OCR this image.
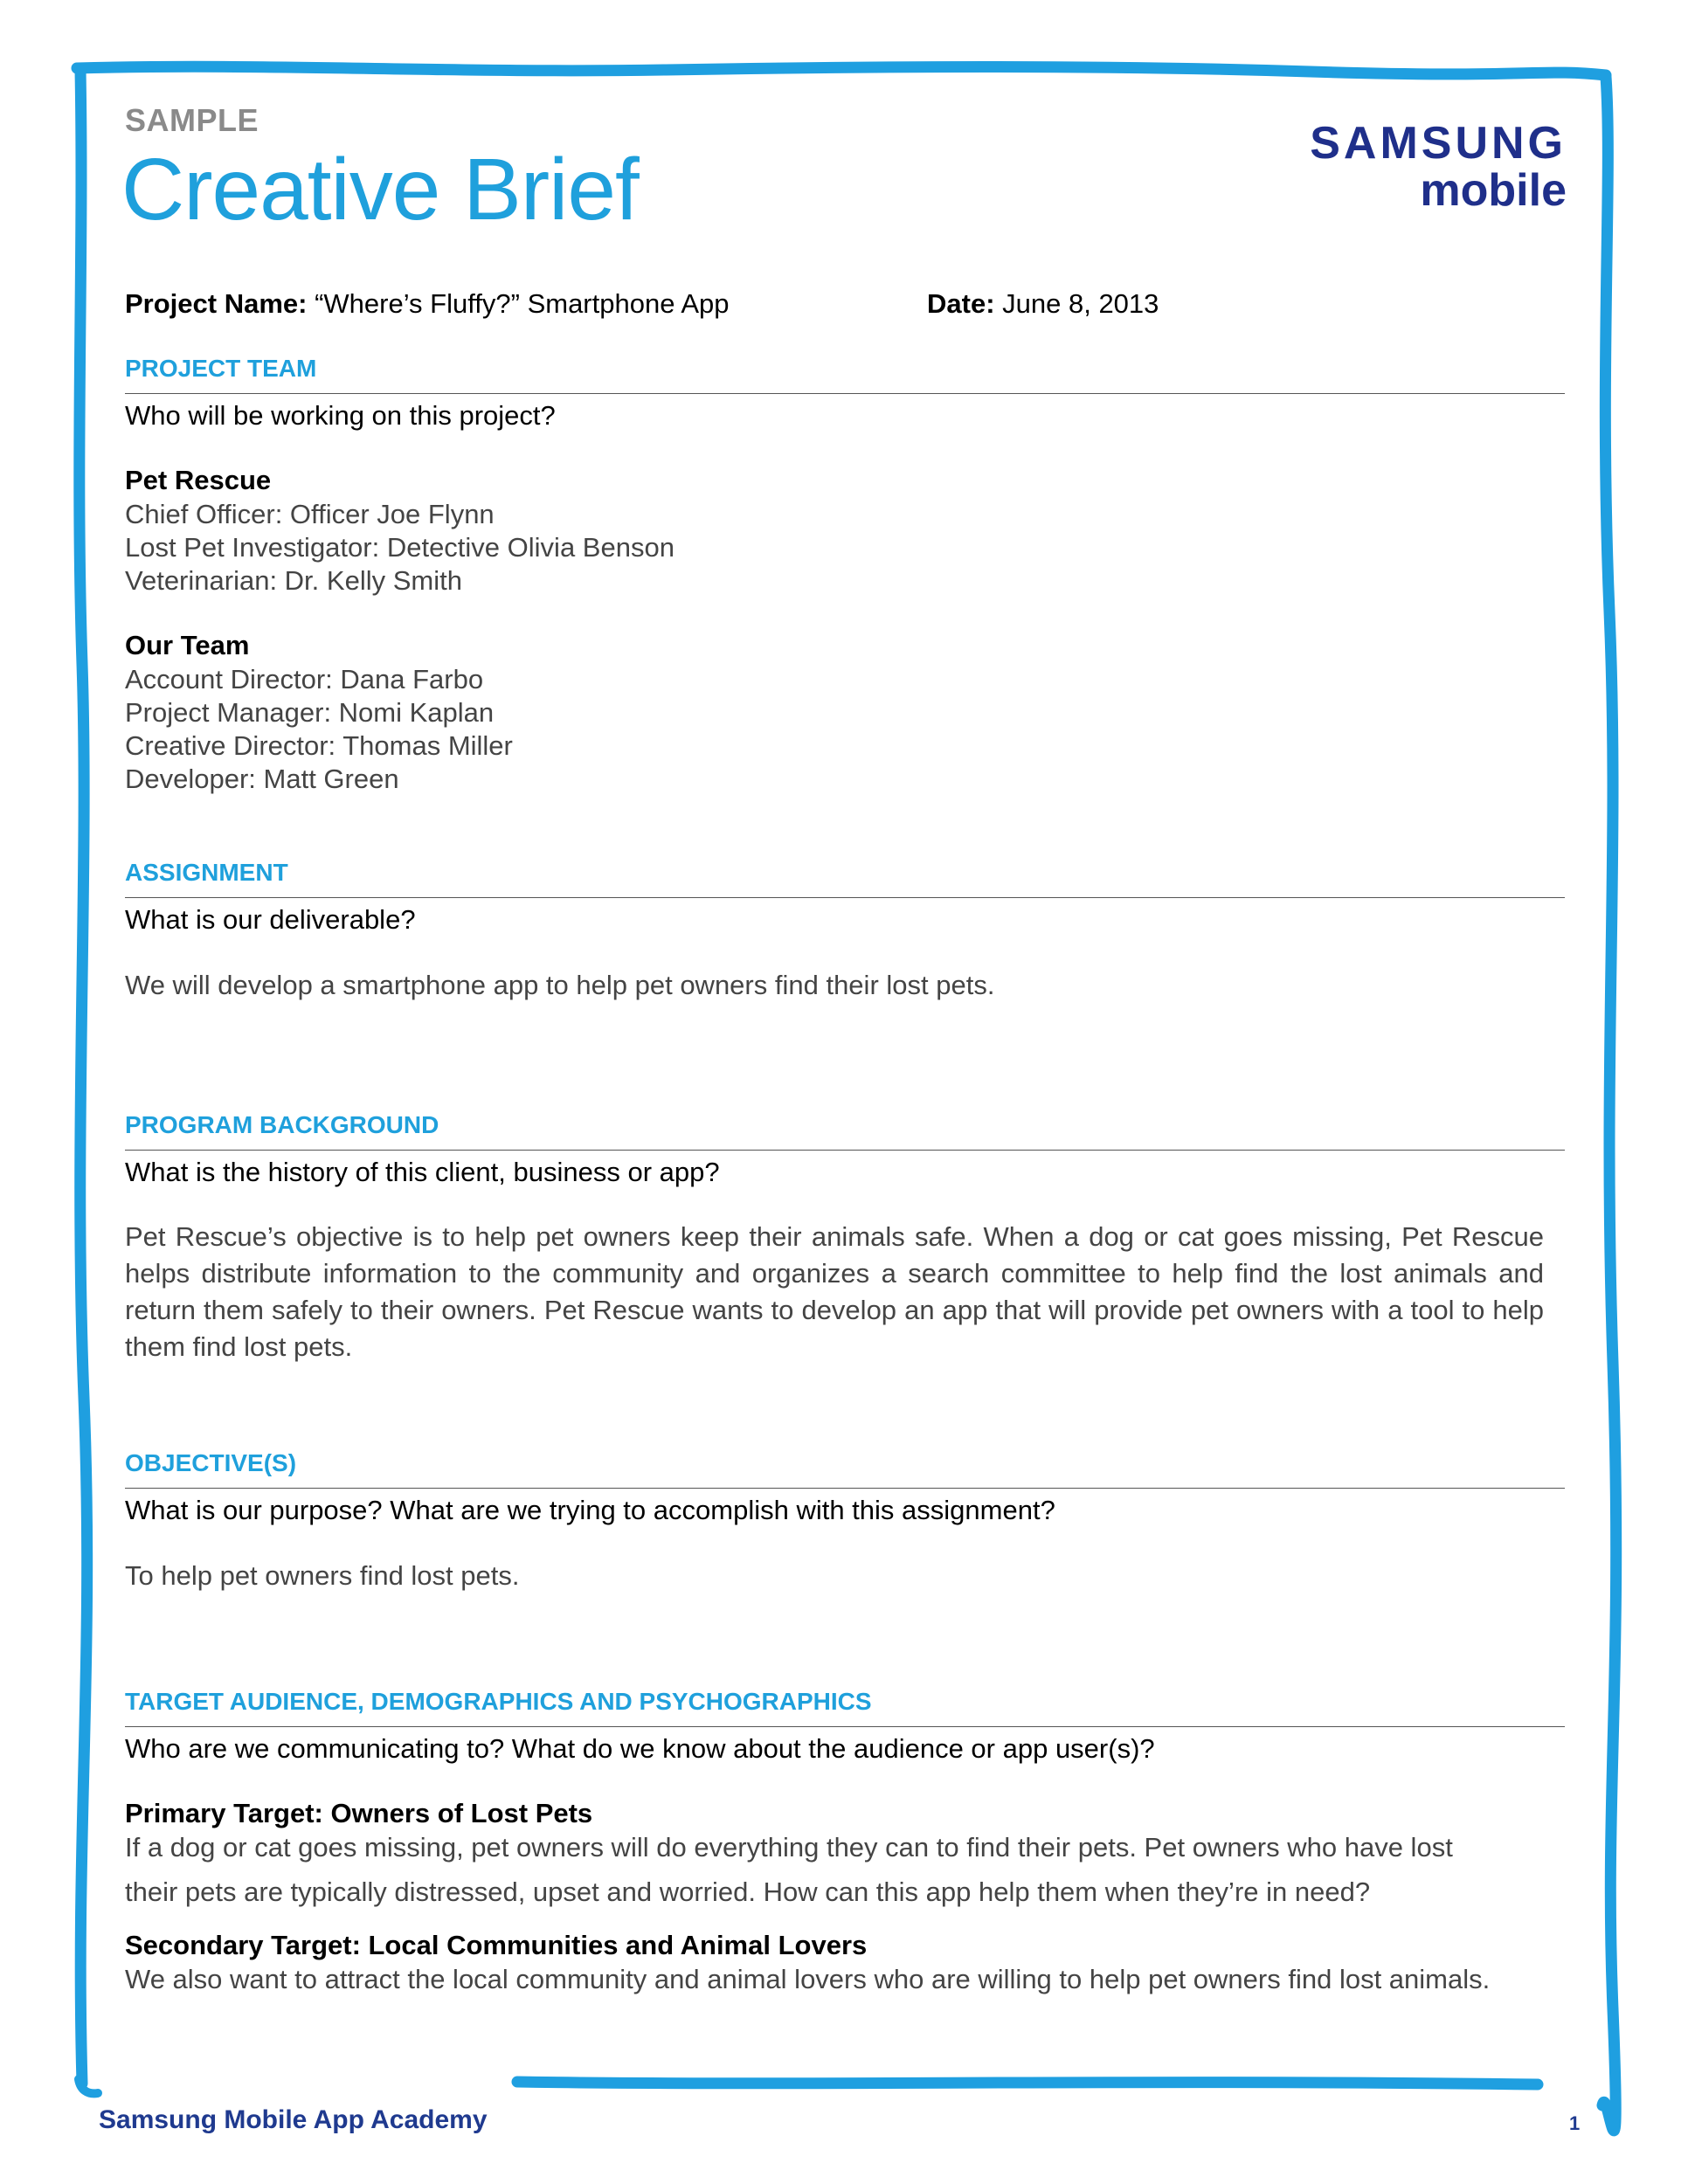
SAMPLE
Creative Brief	SAMSUNG
mobile
Project Name: “Where’s Fluffy?” Smartphone App	Date: June 8, 2013
PROJECT TEAM
Who will be working on this project?
Pet Rescue
Chief Officer: Officer Joe Flynn
Lost Pet Investigator: Detective Olivia Benson
Veterinarian: Dr. Kelly Smith
Our Team
Account Director: Dana Farbo
Project Manager: Nomi Kaplan
Creative Director: Thomas Miller
Developer: Matt Green
ASSIGNMENT
What is our deliverable?
We will develop a smartphone app to help pet owners find their lost pets.
PROGRAM BACKGROUND
What is the history of this client, business or app?
Pet Rescue’s objective is to help pet owners keep their animals safe. When a dog or cat goes missing, Pet Rescue helps distribute information to the community and organizes a search committee to help find the lost animals and return them safely to their owners. Pet Rescue wants to develop an app that will provide pet owners with a tool to help them find lost pets.
OBJECTIVE(S)
What is our purpose? What are we trying to accomplish with this assignment?
To help pet owners find lost pets.
TARGET AUDIENCE, DEMOGRAPHICS AND PSYCHOGRAPHICS
Who are we communicating to? What do we know about the audience or app user(s)?
Primary Target: Owners of Lost Pets
If a dog or cat goes missing, pet owners will do everything they can to find their pets. Pet owners who have lost
their pets are typically distressed, upset and worried. How can this app help them when they’re in need?
Secondary Target: Local Communities and Animal Lovers
We also want to attract the local community and animal lovers who are willing to help pet owners find lost animals.
Samsung Mobile App Academy	1
